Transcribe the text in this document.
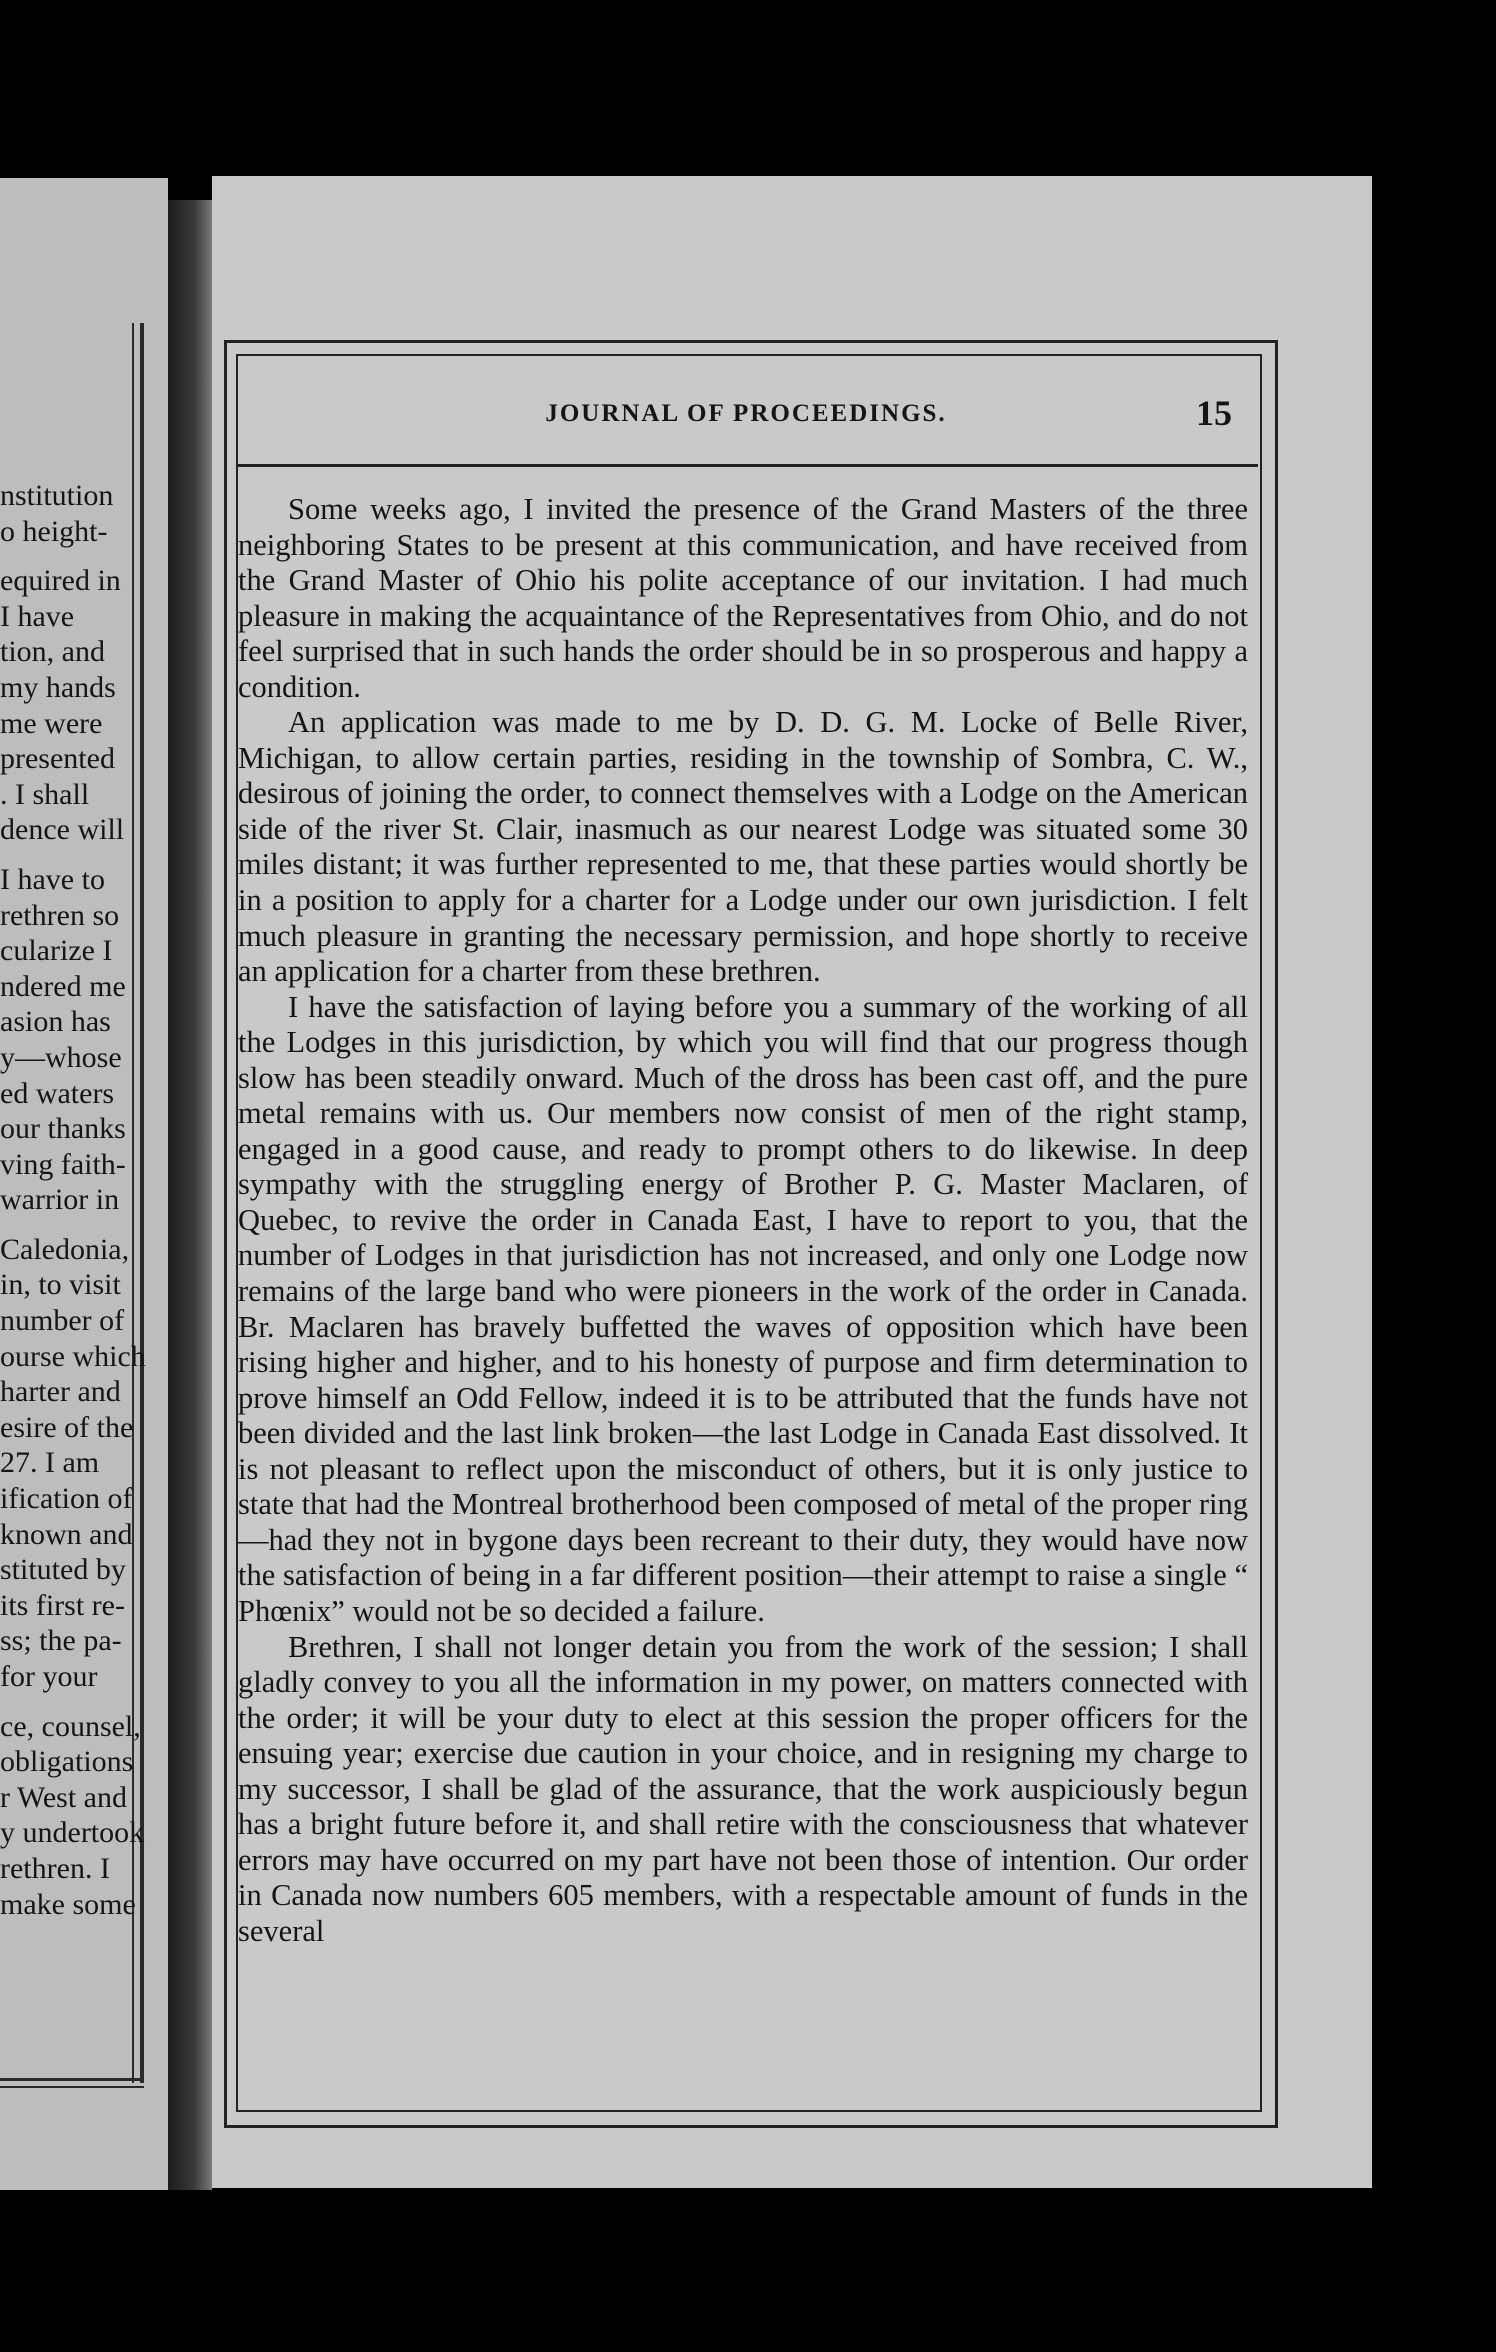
nstitution
o height-
equired in
I have
tion, and
my hands
me were
presented
. I shall
dence will
I have to
rethren so
cularize I
ndered me
asion has
y—whose
ed waters
our thanks
ving faith-
warrior in
Caledonia,
in, to visit
number of
ourse which
harter and
esire of the
27. I am
ification of
known and
stituted by
its first re-
ss; the pa-
for your
ce, counsel,
obligations
r West and
y undertook
rethren. I
make some
JOURNAL OF PROCEEDINGS.	15

Some weeks ago, I invited the presence of the Grand Masters of the three neighboring States to be present at this communication, and have received from the Grand Master of Ohio his polite acceptance of our invitation. I had much pleasure in making the acquaintance of the Representatives from Ohio, and do not feel surprised that in such hands the order should be in so prosperous and happy a condition.

An application was made to me by D. D. G. M. Locke of Belle River, Michigan, to allow certain parties, residing in the township of Sombra, C. W., desirous of joining the order, to connect themselves with a Lodge on the American side of the river St. Clair, inasmuch as our nearest Lodge was situated some 30 miles distant; it was further represented to me, that these parties would shortly be in a position to apply for a charter for a Lodge under our own jurisdiction. I felt much pleasure in granting the necessary permission, and hope shortly to receive an application for a charter from these brethren.

I have the satisfaction of laying before you a summary of the working of all the Lodges in this jurisdiction, by which you will find that our progress though slow has been steadily onward. Much of the dross has been cast off, and the pure metal remains with us. Our members now consist of men of the right stamp, engaged in a good cause, and ready to prompt others to do likewise. In deep sympathy with the struggling energy of Brother P. G. Master Maclaren, of Quebec, to revive the order in Canada East, I have to report to you, that the number of Lodges in that jurisdiction has not increased, and only one Lodge now remains of the large band who were pioneers in the work of the order in Canada. Br. Maclaren has bravely buffetted the waves of opposition which have been rising higher and higher, and to his honesty of purpose and firm determination to prove himself an Odd Fellow, indeed it is to be attributed that the funds have not been divided and the last link broken—the last Lodge in Canada East dissolved. It is not pleasant to reflect upon the misconduct of others, but it is only justice to state that had the Montreal brotherhood been composed of metal of the proper ring—had they not in bygone days been recreant to their duty, they would have now the satisfaction of being in a far different position—their attempt to raise a single “ Phœnix” would not be so decided a failure.

Brethren, I shall not longer detain you from the work of the session; I shall gladly convey to you all the information in my power, on matters connected with the order; it will be your duty to elect at this session the proper officers for the ensuing year; exercise due caution in your choice, and in resigning my charge to my successor, I shall be glad of the assurance, that the work auspiciously begun has a bright future before it, and shall retire with the consciousness that whatever errors may have occurred on my part have not been those of intention. Our order in Canada now numbers 605 members, with a respectable amount of funds in the several
